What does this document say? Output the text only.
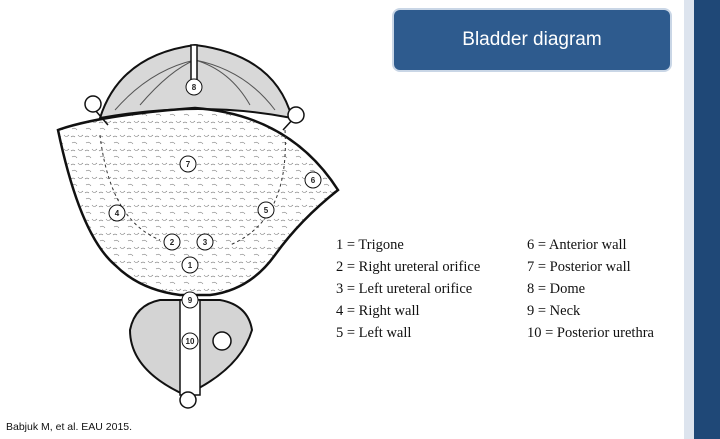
1
2	3
4	5
6
7
8
9
10
Bladder diagram
1 = Trigone
2 = Right ureteral orifice
3 = Left ureteral orifice
4 = Right wall
5 = Left wall
6 = Anterior wall
7 = Posterior wall
8 = Dome
9 = Neck
10 = Posterior urethra
Babjuk M, et al. EAU 2015.
